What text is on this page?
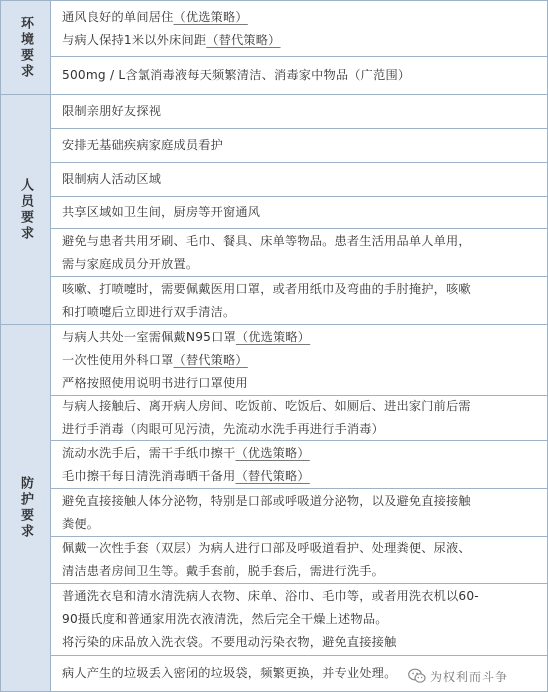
环境要求
人员要求
防护要求
通风良好的单间居住（优选策略）
与病人保持1米以外床间距（替代策略）
500mg / L含氯消毒液每天频繁清洁、消毒家中物品（广范围）
限制亲朋好友探视
安排无基础疾病家庭成员看护
限制病人活动区域
共享区域如卫生间，厨房等开窗通风
避免与患者共用牙刷、毛巾、餐具、床单等物品。患者生活用品单人单用，
需与家庭成员分开放置。
咳嗽、打喷嚏时，需要佩戴医用口罩，或者用纸巾及弯曲的手肘掩护，咳嗽
和打喷嚏后立即进行双手清洁。
与病人共处一室需佩戴N95口罩（优选策略）
一次性使用外科口罩（替代策略）
严格按照使用说明书进行口罩使用
与病人接触后、离开病人房间、吃饭前、吃饭后、如厕后、进出家门前后需
进行手消毒（肉眼可见污渍，先流动水洗手再进行手消毒）
流动水洗手后，需干手纸巾擦干（优选策略）
毛巾擦干每日清洗消毒晒干备用（替代策略）
避免直接接触人体分泌物，特别是口部或呼吸道分泌物，以及避免直接接触
粪便。
佩戴一次性手套（双层）为病人进行口部及呼吸道看护、处理粪便、尿液、
清洁患者房间卫生等。戴手套前，脱手套后，需进行洗手。
普通洗衣皂和清水清洗病人衣物、床单、浴巾、毛巾等，或者用洗衣机以60-
90摄氏度和普通家用洗衣液清洗，然后完全干燥上述物品。
将污染的床品放入洗衣袋。不要甩动污染衣物，避免直接接触
病人产生的垃圾丢入密闭的垃圾袋，频繁更换，并专业处理。	为权利而斗争
